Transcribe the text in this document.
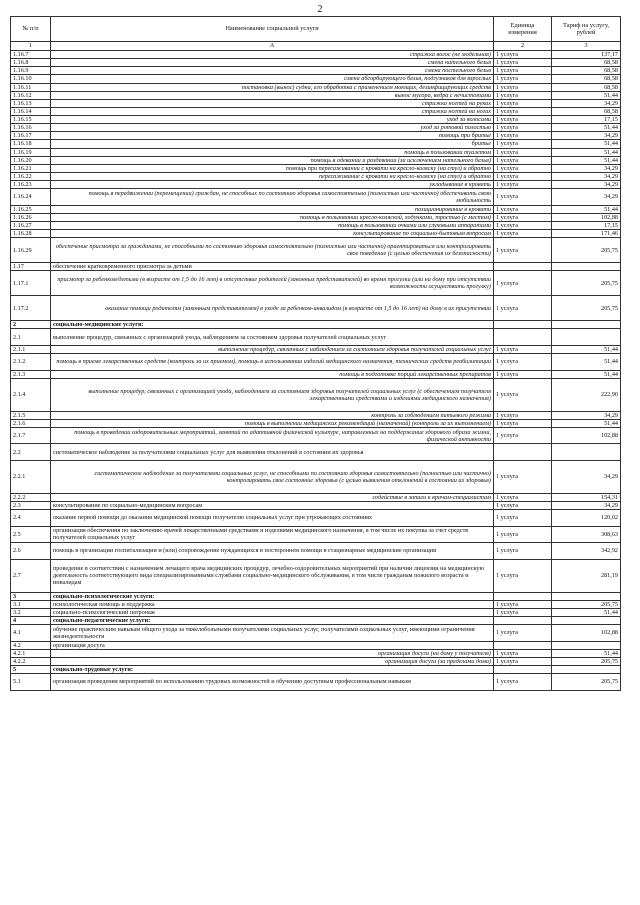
2
№ п/п	Наименование социальной услуги	Единица измерения	Тариф на услугу, рублей
1	А	2	3
1.16.7	стрижка волос (не модельная)	1 услуга	137,17
1.16.8	смена нательного белья	1 услуга	68,58
1.16.9	смена постельного белья	1 услуга	68,58
1.16.10	смена абсорбирующего белья, подгузников для взрослых	1 услуга	68,58
1.16.11	постановка (вынос) судна, его обработка с применением моющих, дезинфицирующих средств	1 услуга	68,58
1.16.12	вынос мусора, ведра с нечистотами	1 услуга	51,44
1.16.13	стрижка ногтей на руках	1 услуга	34,29
1.16.14	стрижка ногтей на ногах	1 услуга	68,58
1.16.15	уход за волосами	1 услуга	17,15
1.16.16	уход за ротовой полостью	1 услуга	51,44
1.16.17	помощь при бритье	1 услуга	34,29
1.16.18	бритье	1 услуга	51,44
1.16.19	помощь в пользовании туалетом	1 услуга	51,44
1.16.20	помощь в одевании и раздевании (за исключением нательного белья)	1 услуга	51,44
1.16.21	помощь при пересаживании с кровати на кресло-коляску (на стул) и обратно	1 услуга	34,29
1.16.22	пересаживание с кровати на кресло-коляску (на стул) и обратно	1 услуга	34,29
1.16.23	укладывание в кровать	1 услуга	34,29
1.16.24	помощь в передвижении (перемещении) граждан, не способных по состоянию здоровья самостоятельно (полностью или частично) обеспечивать свою мобильность	1 услуга	34,29
1.16.25	позиционирование в кровати	1 услуга	51,44
1.16.26	помощь в пользовании кресло-коляской, ходунками, тростью (с местом)	1 услуга	102,88
1.16.27	помощь в пользовании очками или слуховыми аппаратами	1 услуга	17,15
1.16.28	консультирование по социально-бытовым вопросам	1 услуга	171,46
1.16.29	обеспечение присмотра за гражданами, не способными по состоянию здоровья самостоятельно (полностью или частично) ориентироваться или контролировать свое поведение (с целью обеспечения их безопасности)	1 услуга	205,75
1.17	обеспечение кратковременного присмотра за детьми		
1.17.1	присмотр за ребенком/детьми (в возрасте от 1,5 до 16 лет) в отсутствие родителей (законных представителей) во время прогулки (или на дому при отсутствии возможности осуществить прогулку)	1 услуга	205,75
1.17.2	оказание помощи родителям (законным представителям) в уходе за ребенком-инвалидом (в возрасте от 1,5 до 16 лет) на дому в их присутствии	1 услуга	205,75
2	социально-медицинские услуги:		
2.1	выполнение процедур, связанных с организацией ухода, наблюдением за состоянием здоровья получателей социальных услуг		
2.1.1	выполнение процедур, связанных с наблюдением за состоянием здоровья получателей социальных услуг	1 услуга	51,44
2.1.2	помощь в приеме лекарственных средств (контроль за их приемом), помощь в использовании изделий медицинского назначения, технических средств реабилитации	1 услуга	51,44
2.1.3	помощь в подготовке порций лекарственных препаратов	1 услуга	51,44
2.1.4	выполнение процедур, связанных с организацией ухода, наблюдением за состоянием здоровья получателей социальных услуг (с обеспечением получателя лекарственными средствами и изделиями медицинского назначения)	1 услуга	222,90
2.1.5	контроль за соблюдением питьевого режима	1 услуга	34,29
2.1.6	помощь в выполнении медицинских рекомендаций (назначений) (контроль за их выполнением)	1 услуга	51,44
2.1.7	помощь в проведении оздоровительных мероприятий, занятий по адаптивной физической культуре, направленных на поддержание здорового образа жизни, физической активности	1 услуга	102,88
2.2	систематическое наблюдение за получателями социальных услуг для выявления отклонений в состоянии их здоровья		
2.2.1	систематическое наблюдение за получателями социальных услуг, не способными по состоянию здоровья самостоятельно (полностью или частично) контролировать свое состояние здоровья (с целью выявления отклонений в состоянии их здоровья)	1 услуга	34,29
2.2.2	содействие в записи к врачам-специалистам	1 услуга	154,31
2.3	консультирование по социально-медицинским вопросам	1 услуга	34,29
2.4	оказание первой помощи до оказания медицинской помощи получателю социальных услуг при угрожающих состояниях	1 услуга	120,02
2.5	организация обеспечения по заключению врачей лекарственными средствами и изделиями медицинского назначения, в том числе их покупка за счет средств получателей социальных услуг	1 услуга	308,63
2.6	помощь в организации госпитализации и (или) сопровождение нуждающихся в постороннем помощи в стационарные медицинские организации	1 услуга	342,92
2.7	проведение в соответствии с назначением лечащего врача медицинских процедур, лечебно-оздоровительных мероприятий при наличии лицензии на медицинскую деятельность соответствующего вида специализированными службами социально-медицинского обслуживания, в том числе гражданам пожилого возраста и инвалидам	1 услуга	281,19
3	социально-психологические услуги:		
3.1	психологическая помощь и поддержка	1 услуга	205,75
3.2	социально-психологический патронаж	1 услуга	51,44
4	социально-педагогические услуги:		
4.1	обучение практическим навыкам общего ухода за тяжелобольными получателями социальных услуг, получателями социальных услуг, имеющими ограничения жизнедеятельности	1 услуга	102,88
4.2	организация досуга		
4.2.1	организация досуга (на дому у получателя)	1 услуга	51,44
4.2.2	организация досуга (за пределами дома)	1 услуга	205,75
5	социально-трудовые услуги:		
5.1	организация проведения мероприятий по использованию трудовых возможностей и обучению доступным профессиональным навыкам	1 услуга	205,75
